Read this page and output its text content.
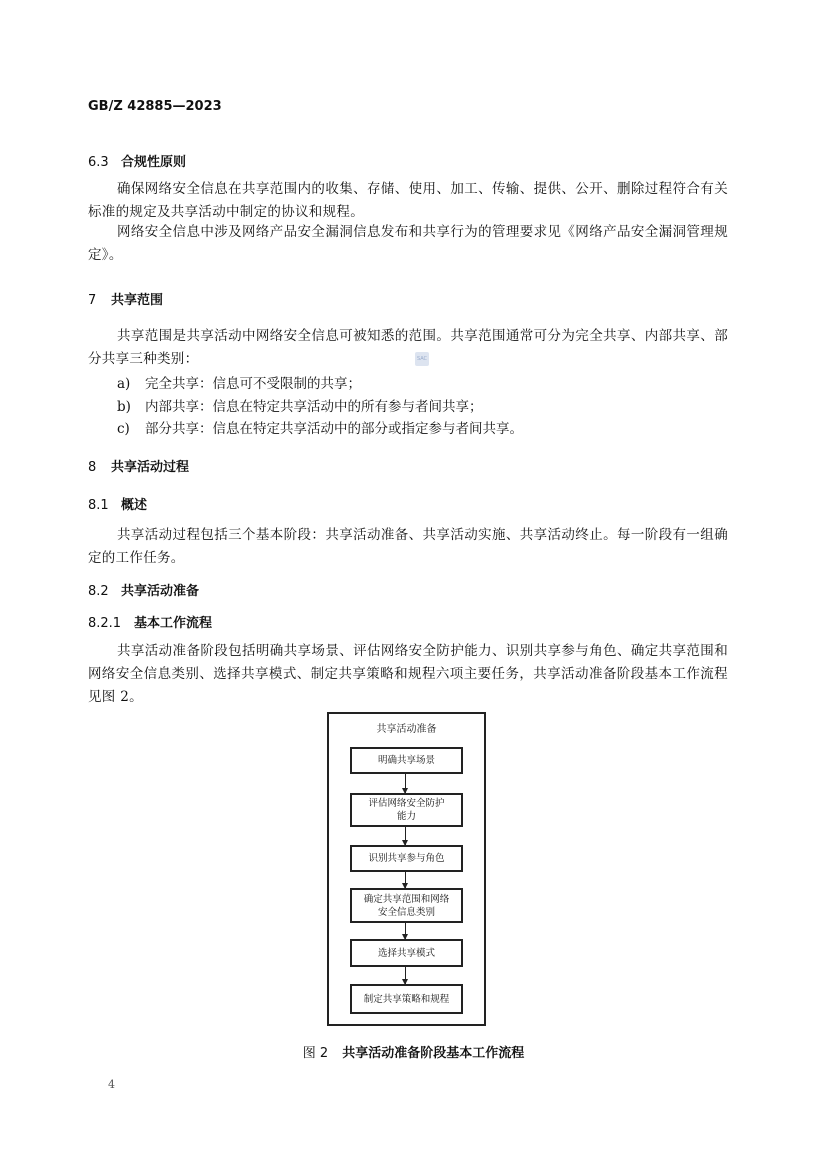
GB/Z 42885—2023
6.3 合规性原则
确保网络安全信息在共享范围内的收集、存储、使用、加工、传输、提供、公开、删除过程符合有关标准的规定及共享活动中制定的协议和规程。
网络安全信息中涉及网络产品安全漏洞信息发布和共享行为的管理要求见《网络产品安全漏洞管理规定》。
7 共享范围
共享范围是共享活动中网络安全信息可被知悉的范围。共享范围通常可分为完全共享、内部共享、部分共享三种类别：	SAC
a) 完全共享：信息可不受限制的共享；
b) 内部共享：信息在特定共享活动中的所有参与者间共享；
c) 部分共享：信息在特定共享活动中的部分或指定参与者间共享。
8 共享活动过程
8.1 概述
共享活动过程包括三个基本阶段：共享活动准备、共享活动实施、共享活动终止。每一阶段有一组确定的工作任务。
8.2 共享活动准备
8.2.1 基本工作流程
共享活动准备阶段包括明确共享场景、评估网络安全防护能力、识别共享参与角色、确定共享范围和网络安全信息类别、选择共享模式、制定共享策略和规程六项主要任务，共享活动准备阶段基本工作流程见图 2。
共享活动准备
明确共享场景
评估网络安全防护
能力
识别共享参与角色
确定共享范围和网络
安全信息类别
选择共享模式
制定共享策略和规程
图 2 共享活动准备阶段基本工作流程
4
